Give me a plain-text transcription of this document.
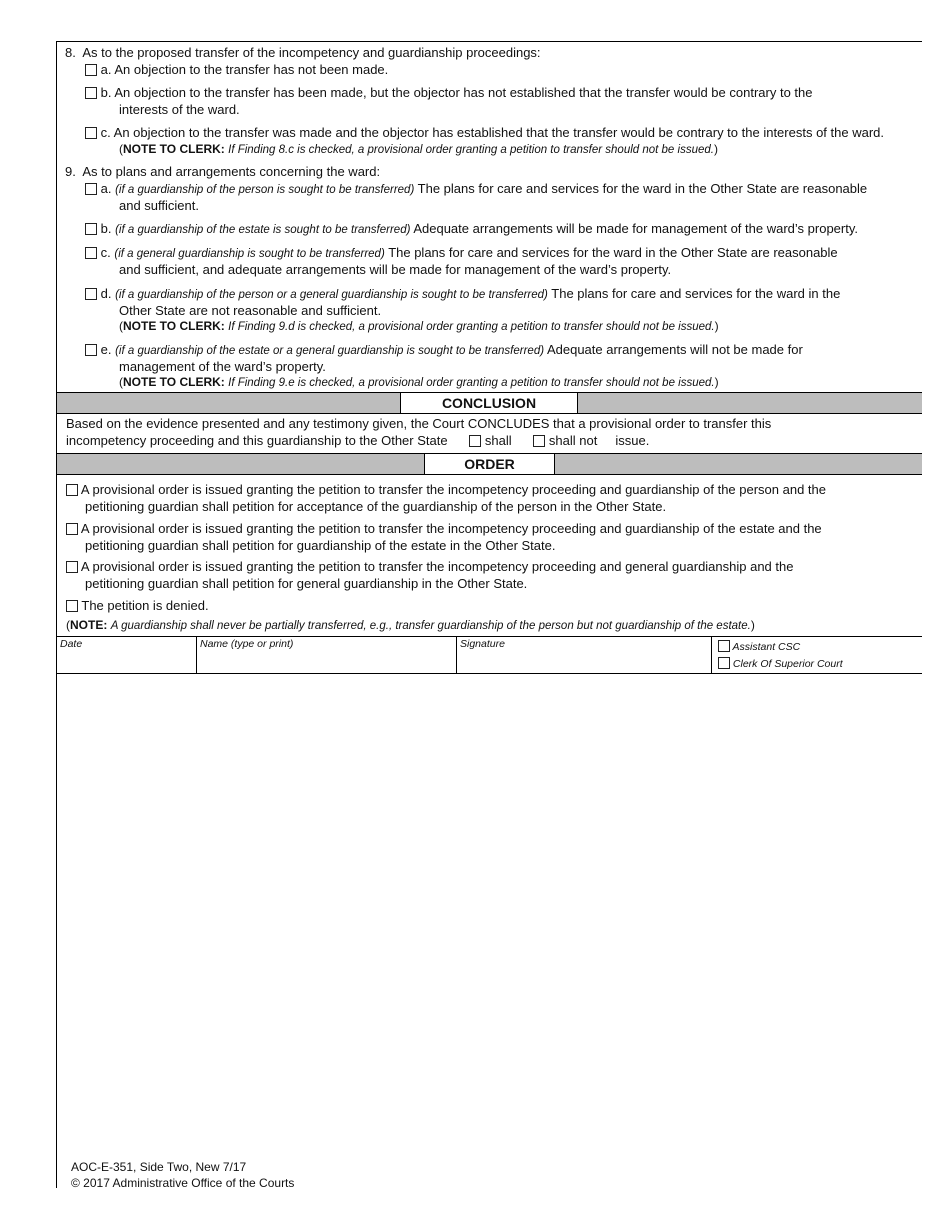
8. As to the proposed transfer of the incompetency and guardianship proceedings:
a. An objection to the transfer has not been made.
b. An objection to the transfer has been made, but the objector has not established that the transfer would be contrary to the
interests of the ward.
c. An objection to the transfer was made and the objector has established that the transfer would be contrary to the interests of the ward.
(NOTE TO CLERK: If Finding 8.c is checked, a provisional order granting a petition to transfer should not be issued.)
9. As to plans and arrangements concerning the ward:
a. (if a guardianship of the person is sought to be transferred) The plans for care and services for the ward in the Other State are reasonable
and sufficient.
b. (if a guardianship of the estate is sought to be transferred) Adequate arrangements will be made for management of the ward’s property.
c. (if a general guardianship is sought to be transferred) The plans for care and services for the ward in the Other State are reasonable
and sufficient, and adequate arrangements will be made for management of the ward’s property.
d. (if a guardianship of the person or a general guardianship is sought to be transferred) The plans for care and services for the ward in the
Other State are not reasonable and sufficient.
(NOTE TO CLERK: If Finding 9.d is checked, a provisional order granting a petition to transfer should not be issued.)
e. (if a guardianship of the estate or a general guardianship is sought to be transferred) Adequate arrangements will not be made for
management of the ward’s property.
(NOTE TO CLERK: If Finding 9.e is checked, a provisional order granting a petition to transfer should not be issued.)
CONCLUSION
Based on the evidence presented and any testimony given, the Court CONCLUDES that a provisional order to transfer this
incompetency proceeding and this guardianship to the Other State	shall	shall not issue.
ORDER
A provisional order is issued granting the petition to transfer the incompetency proceeding and guardianship of the person and the
petitioning guardian shall petition for acceptance of the guardianship of the person in the Other State.
A provisional order is issued granting the petition to transfer the incompetency proceeding and guardianship of the estate and the
petitioning guardian shall petition for guardianship of the estate in the Other State.
A provisional order is issued granting the petition to transfer the incompetency proceeding and general guardianship and the
petitioning guardian shall petition for general guardianship in the Other State.
The petition is denied.
(NOTE: A guardianship shall never be partially transferred, e.g., transfer guardianship of the person but not guardianship of the estate.)
Date	Name (type or print)	Signature	Assistant CSC
Clerk Of Superior Court
AOC-E-351, Side Two, New 7/17
© 2017 Administrative Office of the Courts
